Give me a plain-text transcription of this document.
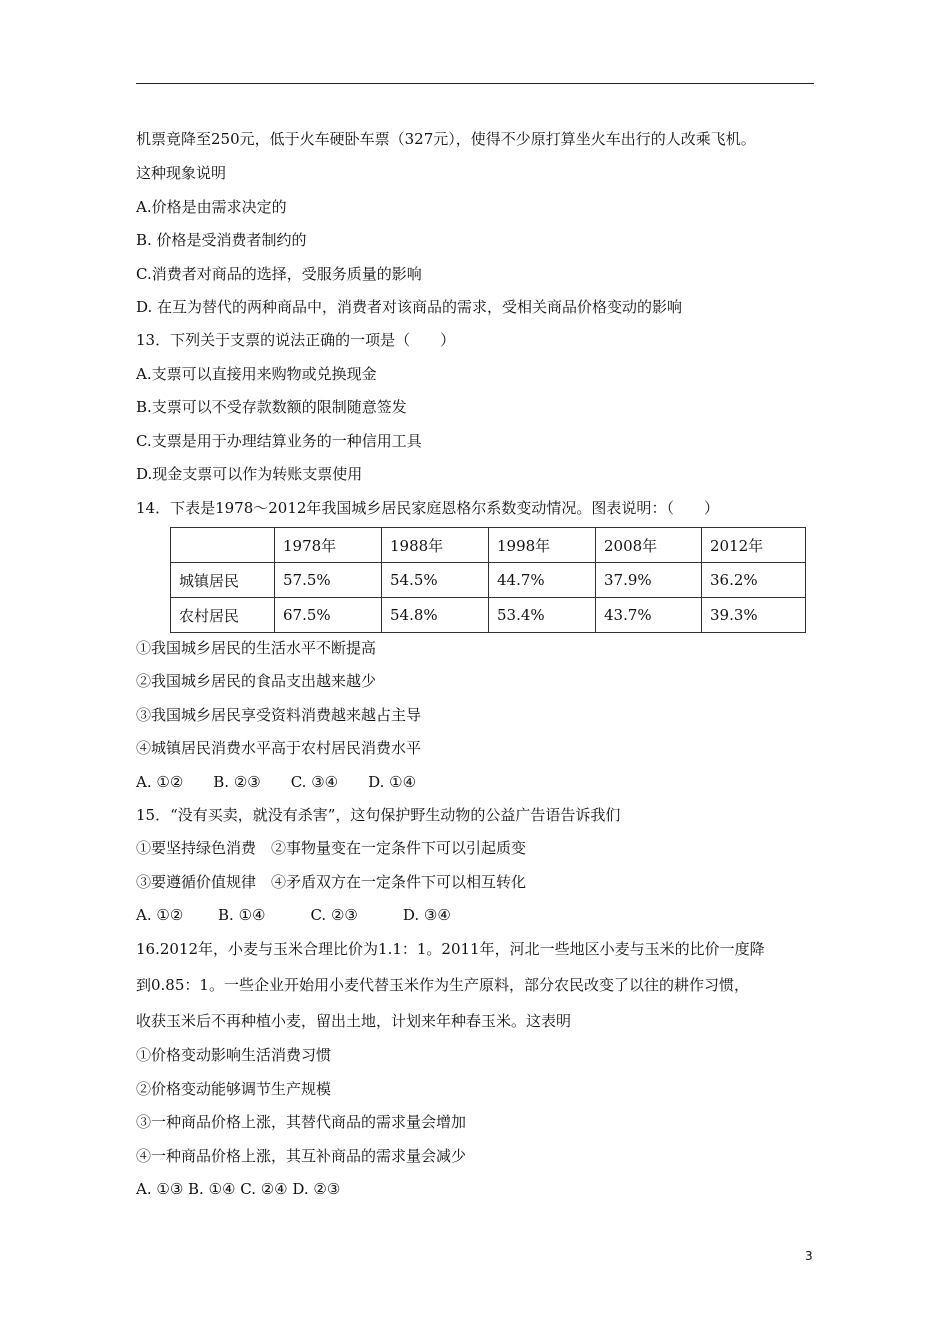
机票竟降至250元，低于火车硬卧车票（327元），使得不少原打算坐火车出行的人改乘飞机。
这种现象说明
A.价格是由需求决定的
B. 价格是受消费者制约的
C.消费者对商品的选择，受服务质量的影响
D. 在互为替代的两种商品中，消费者对该商品的需求，受相关商品价格变动的影响
13．下列关于支票的说法正确的一项是（　　）
A.支票可以直接用来购物或兑换现金
B.支票可以不受存款数额的限制随意签发
C.支票是用于办理结算业务的一种信用工具
D.现金支票可以作为转账支票使用
14．下表是1978～2012年我国城乡居民家庭恩格尔系数变动情况。图表说明：（　　）
	1978年	1988年	1998年	2008年	2012年
城镇居民	57.5%	54.5%	44.7%	37.9%	36.2%
农村居民	67.5%	54.8%	53.4%	43.7%	39.3%
①我国城乡居民的生活水平不断提高
②我国城乡居民的食品支出越来越少
③我国城乡居民享受资料消费越来越占主导
④城镇居民消费水平高于农村居民消费水平
A. ①②　　B. ②③　　C. ③④　　D. ①④
15．“没有买卖，就没有杀害”，这句保护野生动物的公益广告语告诉我们
①要坚持绿色消费　②事物量变在一定条件下可以引起质变
③要遵循价值规律　④矛盾双方在一定条件下可以相互转化
A. ①②　　 B. ①④　　　C. ②③　　　D. ③④
16.2012年，小麦与玉米合理比价为1.1：1。2011年，河北一些地区小麦与玉米的比价一度降
到0.85：1。一些企业开始用小麦代替玉米作为生产原料，部分农民改变了以往的耕作习惯，
收获玉米后不再种植小麦，留出土地，计划来年种春玉米。这表明
①价格变动影响生活消费习惯
②价格变动能够调节生产规模
③一种商品价格上涨，其替代商品的需求量会增加
④一种商品价格上涨，其互补商品的需求量会减少
A. ①③ B. ①④ C. ②④ D. ②③
3
